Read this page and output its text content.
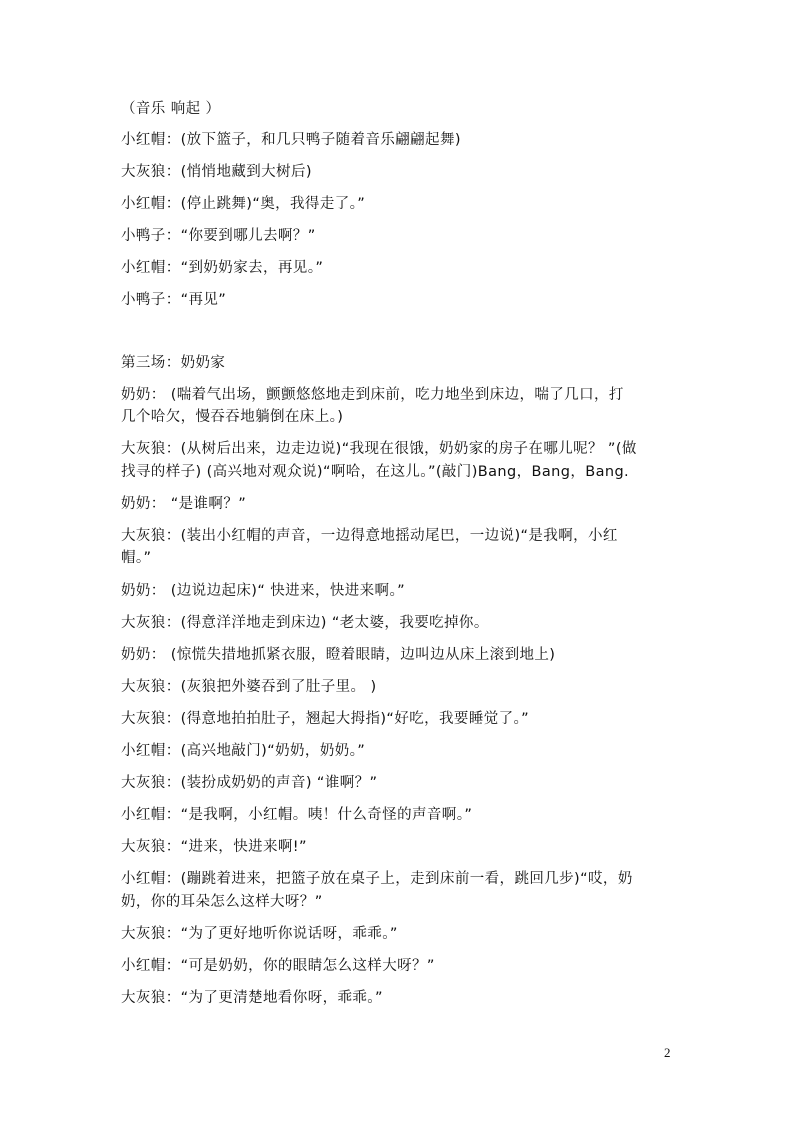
（音乐 响起 ）
小红帽：(放下篮子，和几只鸭子随着音乐翩翩起舞)
大灰狼：(悄悄地藏到大树后)
小红帽：(停止跳舞)“奥，我得走了。”
小鸭子：“你要到哪儿去啊？”
小红帽：“到奶奶家去，再见。”
小鸭子：“再见”
第三场：奶奶家
奶奶： (喘着气出场，颤颤悠悠地走到床前，吃力地坐到床边，喘了几口，打
几个哈欠，慢吞吞地躺倒在床上。)
大灰狼：(从树后出来，边走边说)“我现在很饿，奶奶家的房子在哪儿呢？ ”(做
找寻的样子) (高兴地对观众说)“啊哈，在这儿。”(敲门)Bang，Bang，Bang.
奶奶： “是谁啊？”
大灰狼：(装出小红帽的声音，一边得意地摇动尾巴，一边说)“是我啊，小红
帽。”
奶奶： (边说边起床)“ 快进来，快进来啊。”
大灰狼：(得意洋洋地走到床边) “老太婆，我要吃掉你。
奶奶： (惊慌失措地抓紧衣服，瞪着眼睛，边叫边从床上滚到地上)
大灰狼：(灰狼把外婆吞到了肚子里。 )
大灰狼：(得意地拍拍肚子，翘起大拇指)“好吃，我要睡觉了。”
小红帽：(高兴地敲门)“奶奶，奶奶。”
大灰狼：(装扮成奶奶的声音) “谁啊？”
小红帽：“是我啊，小红帽。咦！什么奇怪的声音啊。”
大灰狼：“进来，快进来啊!”
小红帽：(蹦跳着进来，把篮子放在桌子上，走到床前一看，跳回几步)“哎，奶
奶，你的耳朵怎么这样大呀？”
大灰狼：“为了更好地听你说话呀，乖乖。”
小红帽：“可是奶奶，你的眼睛怎么这样大呀？”
大灰狼：“为了更清楚地看你呀，乖乖。”
2
